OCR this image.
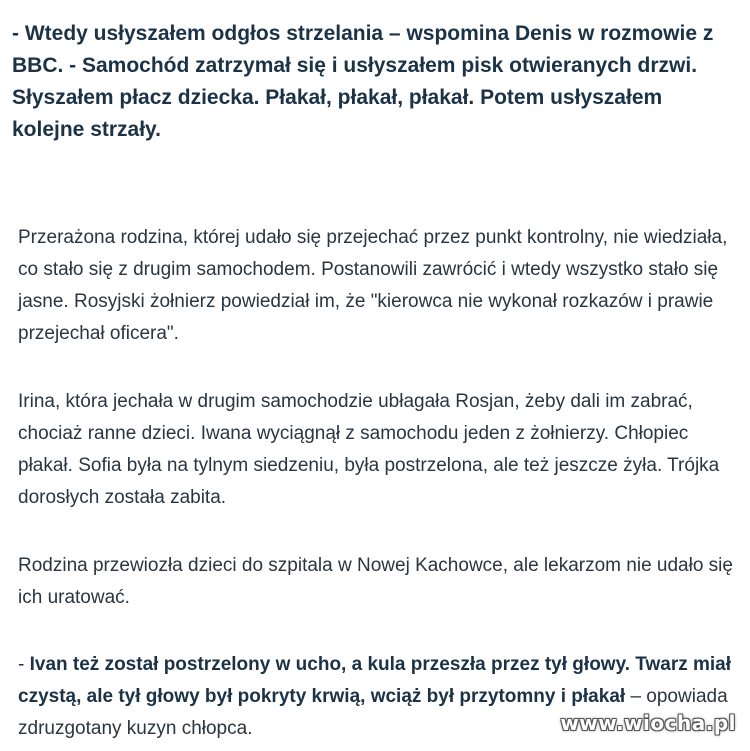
- Wtedy usłyszałem odgłos strzelania – wspomina Denis w rozmowie z BBC. - Samochód zatrzymał się i usłyszałem pisk otwieranych drzwi. Słyszałem płacz dziecka. Płakał, płakał, płakał. Potem usłyszałem kolejne strzały.

Przerażona rodzina, której udało się przejechać przez punkt kontrolny, nie wiedziała, co stało się z drugim samochodem. Postanowili zawrócić i wtedy wszystko stało się jasne. Rosyjski żołnierz powiedział im, że "kierowca nie wykonał rozkazów i prawie przejechał oficera".

Irina, która jechała w drugim samochodzie ubłagała Rosjan, żeby dali im zabrać, chociaż ranne dzieci. Iwana wyciągnął z samochodu jeden z żołnierzy. Chłopiec płakał. Sofia była na tylnym siedzeniu, była postrzelona, ale też jeszcze żyła. Trójka dorosłych została zabita.

Rodzina przewiozła dzieci do szpitala w Nowej Kachowce, ale lekarzom nie udało się ich uratować.

- Ivan też został postrzelony w ucho, a kula przeszła przez tył głowy. Twarz miał czystą, ale tył głowy był pokryty krwią, wciąż był przytomny i płakał – opowiada zdruzgotany kuzyn chłopca.	www.wiocha.pl
